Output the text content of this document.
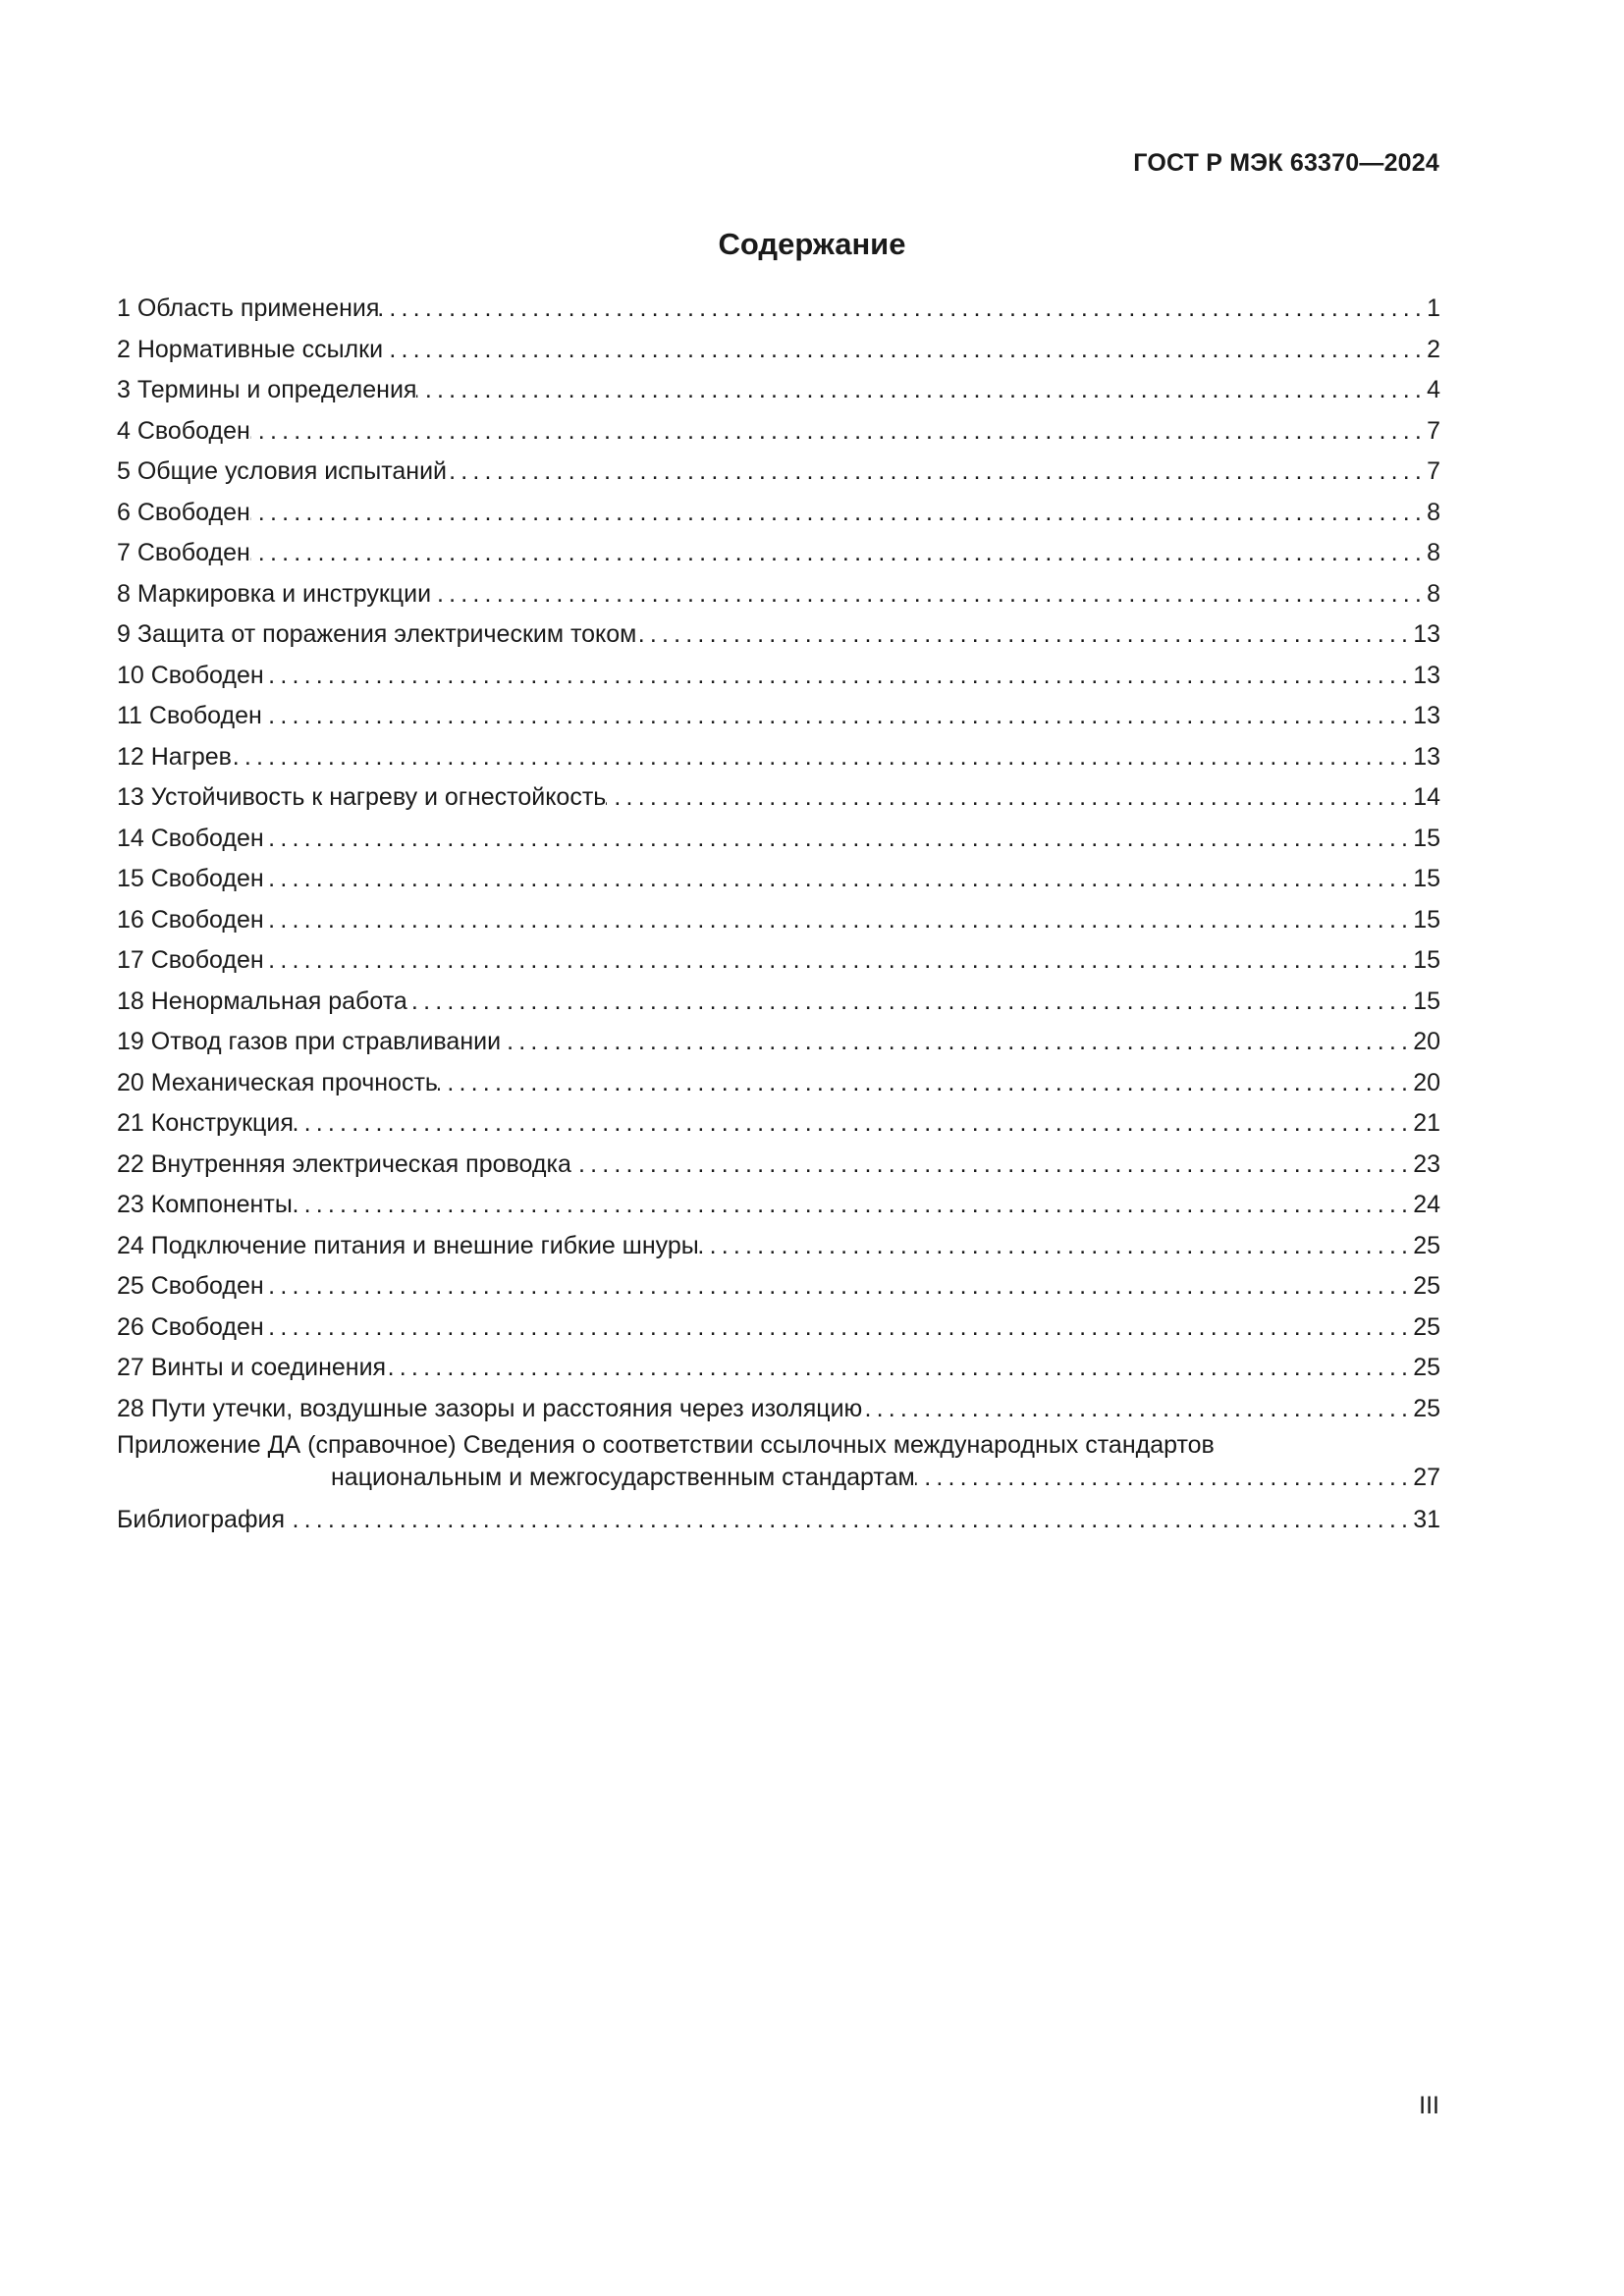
ГОСТ Р МЭК 63370—2024
Содержание
1 Область применения .....	1
2 Нормативные ссылки .....	2
3 Термины и определения .....	4
4 Свободен .....	7
5 Общие условия испытаний .....	7
6 Свободен .....	8
7 Свободен .....	8
8 Маркировка и инструкции .....	8
9 Защита от поражения электрическим током .....	13
10 Свободен .....	13
11 Свободен .....	13
12 Нагрев .....	13
13 Устойчивость к нагреву и огнестойкость .....	14
14 Свободен .....	15
15 Свободен .....	15
16 Свободен .....	15
17 Свободен .....	15
18 Ненормальная работа .....	15
19 Отвод газов при стравливании .....	20
20 Механическая прочность .....	20
21 Конструкция .....	21
22 Внутренняя электрическая проводка .....	23
23 Компоненты .....	24
24 Подключение питания и внешние гибкие шнуры .....	25
25 Свободен .....	25
26 Свободен .....	25
27 Винты и соединения .....	25
28 Пути утечки, воздушные зазоры и расстояния через изоляцию .....	25
Приложение ДА (справочное) Сведения о соответствии ссылочных международных стандартов
национальным и межгосударственным стандартам .....	27
Библиография .....	31
III
